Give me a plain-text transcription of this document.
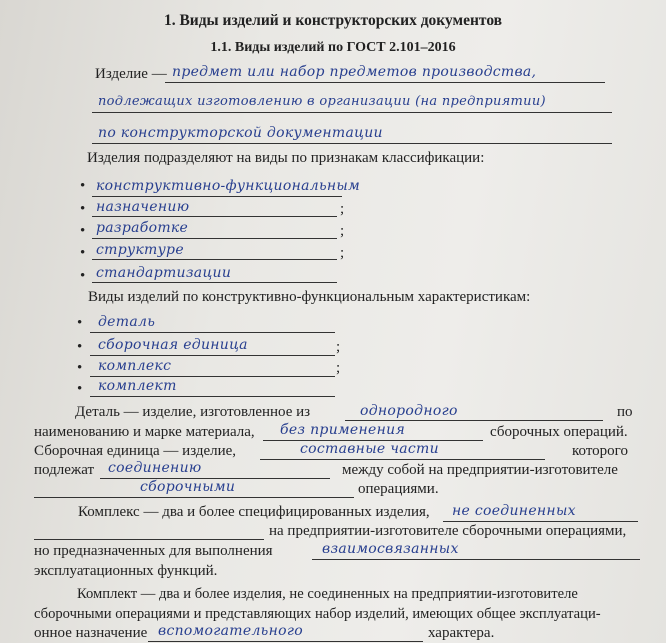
1. Виды изделий и конструкторских документов
1.1. Виды изделий по ГОСТ 2.101–2016
Изделие — предмет или набор предметов производства,
подлежащих изготовлению в организации (на предприятии)
по конструкторской документации
Изделия подразделяют на виды по признакам классификации:
• конструктивно-функциональным
• назначению	;
• разработке	;
• структуре	;
• стандартизации
Виды изделий по конструктивно-функциональным характеристикам:
• деталь
• сборочная единица	;
• комплекс	;
• комплект
Деталь — изделие, изготовленное из	однородного	по
наименованию и марке материала, без применения	сборочных операций.
Сборочная единица — изделие,	составные части	которого
подлежат соединению	между собой на предприятии-изготовителе
сборочными	операциями.
Комплекс — два и более специфицированных изделия, не соединенных
на предприятии-изготовителе сборочными операциями,
но предназначенных для выполнения	взаимосвязанных
эксплуатационных функций.
Комплект — два и более изделия, не соединенных на предприятии-изготовителе
сборочными операциями и представляющих набор изделий, имеющих общее эксплуатаци-
онное назначение вспомогательного	характера.
